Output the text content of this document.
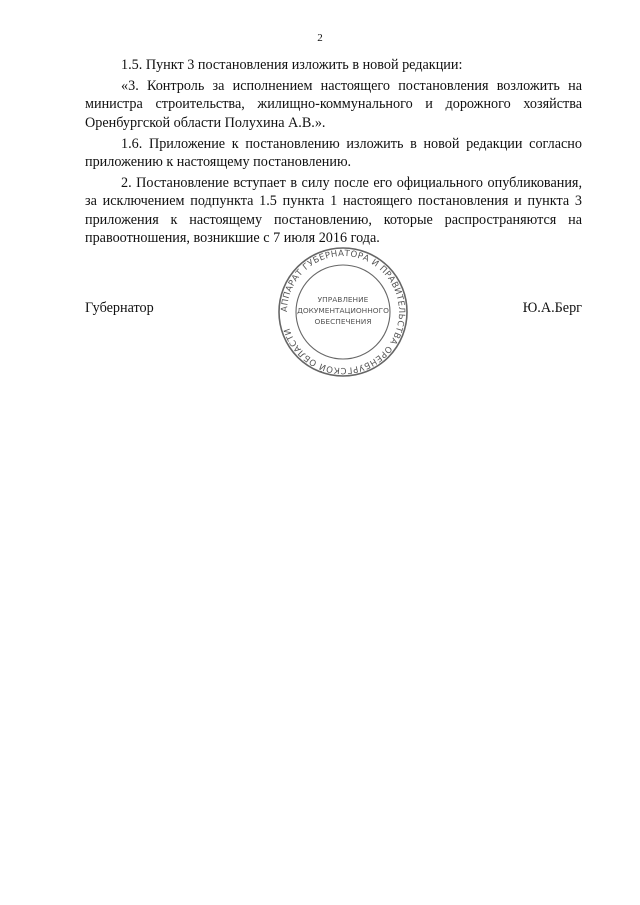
2

1.5. Пункт 3 постановления изложить в новой редакции:

«3. Контроль за исполнением настоящего постановления возложить на министра строительства, жилищно-коммунального и дорожного хозяйства Оренбургской области Полухина А.В.».

1.6. Приложение к постановлению изложить в новой редакции согласно приложению к настоящему постановлению.

2. Постановление вступает в силу после его официального опубликования, за исключением подпункта 1.5 пункта 1 настоящего постановления и пункта 3 приложения к настоящему постановлению, которые распространяются на правоотношения, возникшие с 7 июля 2016 года.

АППАРАТ ГУБЕРНАТОРА И ПРАВИТЕЛЬСТВА ОРЕНБУРГСКОЙ ОБЛАСТИ
УПРАВЛЕНИЕ
ДОКУМЕНТАЦИОННОГО
ОБЕСПЕЧЕНИЯ
Губернатор	Ю.А.Берг
